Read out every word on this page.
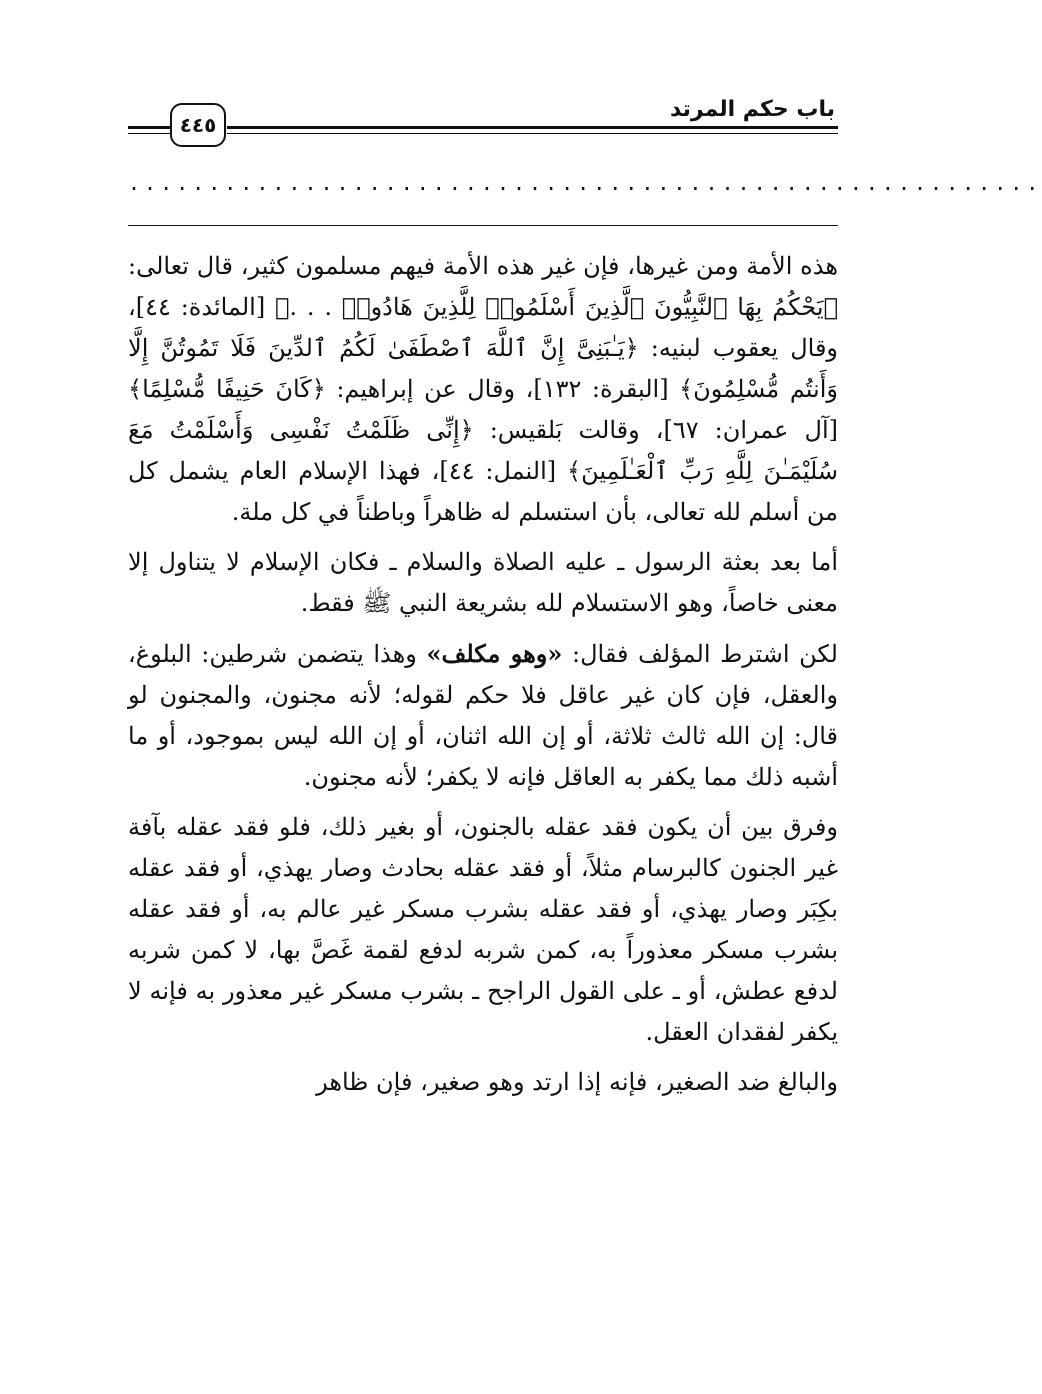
باب حكم المرتد
٤٤٥
.........................................................

هذه الأمة ومن غيرها، فإن غير هذه الأمة فيهم مسلمون كثير، قال تعالى: ﴿يَحْكُمُ بِهَا ٱلنَّبِيُّونَ ٱلَّذِينَ أَسْلَمُوا۟ لِلَّذِينَ هَادُوا۟ . . .﴾ [المائدة: ٤٤]، وقال يعقوب لبنيه: ﴿يَـٰبَنِىَّ إِنَّ ٱللَّهَ ٱصْطَفَىٰ لَكُمُ ٱلدِّينَ فَلَا تَمُوتُنَّ إِلَّا وَأَنتُم مُّسْلِمُونَ﴾ [البقرة: ١٣٢]، وقال عن إبراهيم: ﴿كَانَ حَنِيفًا مُّسْلِمًا﴾ [آل عمران: ٦٧]، وقالت بَلقيس: ﴿إِنِّى ظَلَمْتُ نَفْسِى وَأَسْلَمْتُ مَعَ سُلَيْمَـٰنَ لِلَّهِ رَبِّ ٱلْعَـٰلَمِينَ﴾ [النمل: ٤٤]، فهذا الإسلام العام يشمل كل من أسلم لله تعالى، بأن استسلم له ظاهراً وباطناً في كل ملة.

أما بعد بعثة الرسول ـ عليه الصلاة والسلام ـ فكان الإسلام لا يتناول إلا معنى خاصاً، وهو الاستسلام لله بشريعة النبي ﷺ فقط.

لكن اشترط المؤلف فقال: «وهو مكلف» وهذا يتضمن شرطين: البلوغ، والعقل، فإن كان غير عاقل فلا حكم لقوله؛ لأنه مجنون، والمجنون لو قال: إن الله ثالث ثلاثة، أو إن الله اثنان، أو إن الله ليس بموجود، أو ما أشبه ذلك مما يكفر به العاقل فإنه لا يكفر؛ لأنه مجنون.

وفرق بين أن يكون فقد عقله بالجنون، أو بغير ذلك، فلو فقد عقله بآفة غير الجنون كالبرسام مثلاً، أو فقد عقله بحادث وصار يهذي، أو فقد عقله بكِبَر وصار يهذي، أو فقد عقله بشرب مسكر غير عالم به، أو فقد عقله بشرب مسكر معذوراً به، كمن شربه لدفع لقمة غَصَّ بها، لا كمن شربه لدفع عطش، أو ـ على القول الراجح ـ بشرب مسكر غير معذور به فإنه لا يكفر لفقدان العقل.

والبالغ ضد الصغير، فإنه إذا ارتد وهو صغير، فإن ظاهر
